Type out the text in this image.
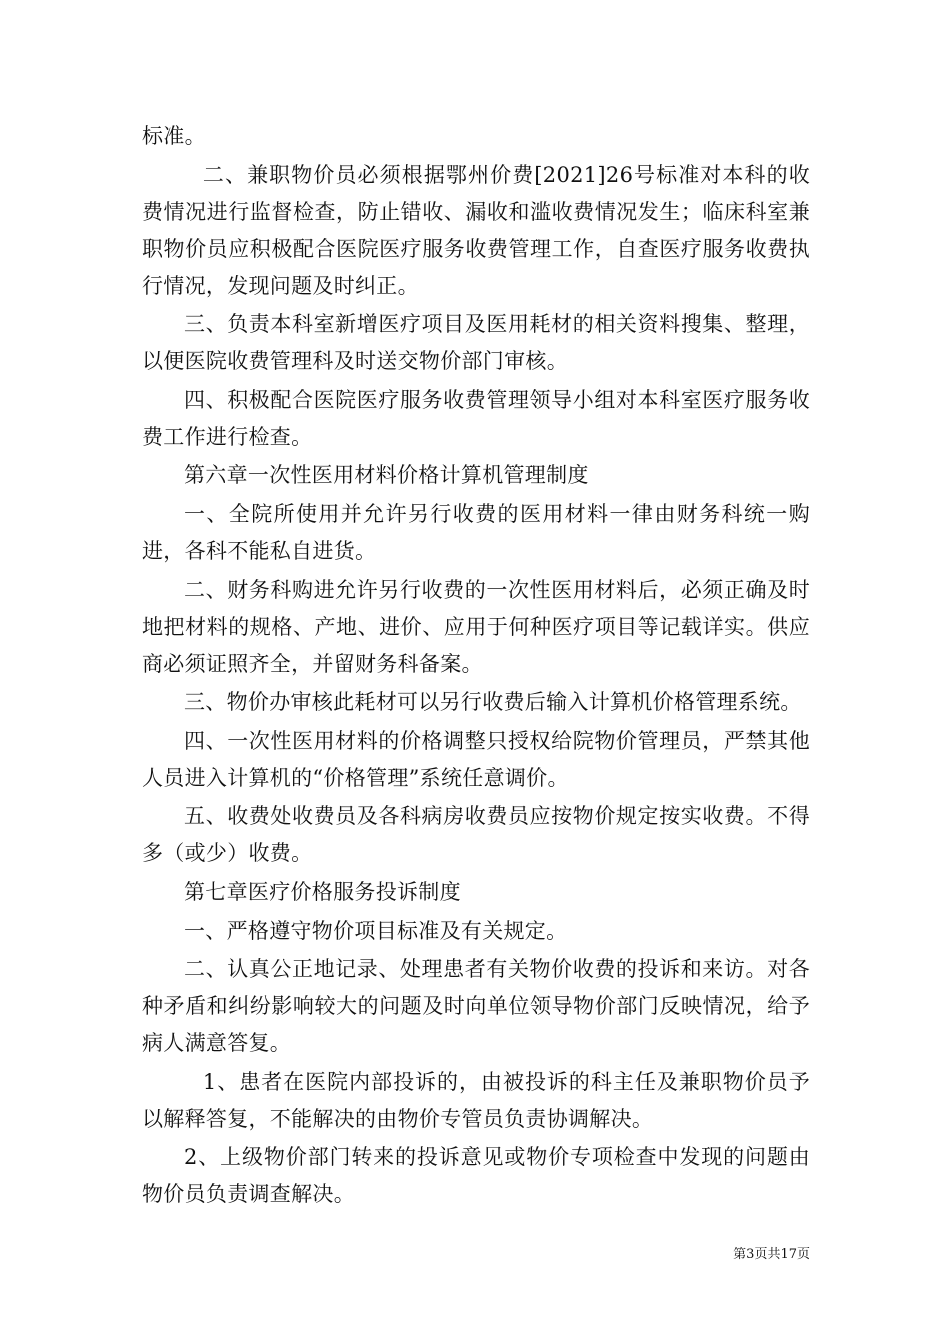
标准。

二、兼职物价员必须根据鄂州价费[2021]26号标准对本科的收费情况进行监督检查，防止错收、漏收和滥收费情况发生；临床科室兼职物价员应积极配合医院医疗服务收费管理工作，自查医疗服务收费执行情况，发现问题及时纠正。

三、负责本科室新增医疗项目及医用耗材的相关资料搜集、整理，以便医院收费管理科及时送交物价部门审核。

四、积极配合医院医疗服务收费管理领导小组对本科室医疗服务收费工作进行检查。

第六章一次性医用材料价格计算机管理制度

一、全院所使用并允许另行收费的医用材料一律由财务科统一购进，各科不能私自进货。

二、财务科购进允许另行收费的一次性医用材料后，必须正确及时地把材料的规格、产地、进价、应用于何种医疗项目等记载详实。供应商必须证照齐全，并留财务科备案。

三、物价办审核此耗材可以另行收费后输入计算机价格管理系统。

四、一次性医用材料的价格调整只授权给院物价管理员，严禁其他人员进入计算机的“价格管理”系统任意调价。

五、收费处收费员及各科病房收费员应按物价规定按实收费。不得多（或少）收费。

第七章医疗价格服务投诉制度

一、严格遵守物价项目标准及有关规定。

二、认真公正地记录、处理患者有关物价收费的投诉和来访。对各种矛盾和纠纷影响较大的问题及时向单位领导物价部门反映情况，给予病人满意答复。

1、患者在医院内部投诉的，由被投诉的科主任及兼职物价员予以解释答复，不能解决的由物价专管员负责协调解决。

2、上级物价部门转来的投诉意见或物价专项检查中发现的问题由物价员负责调查解决。

第3页共17页
